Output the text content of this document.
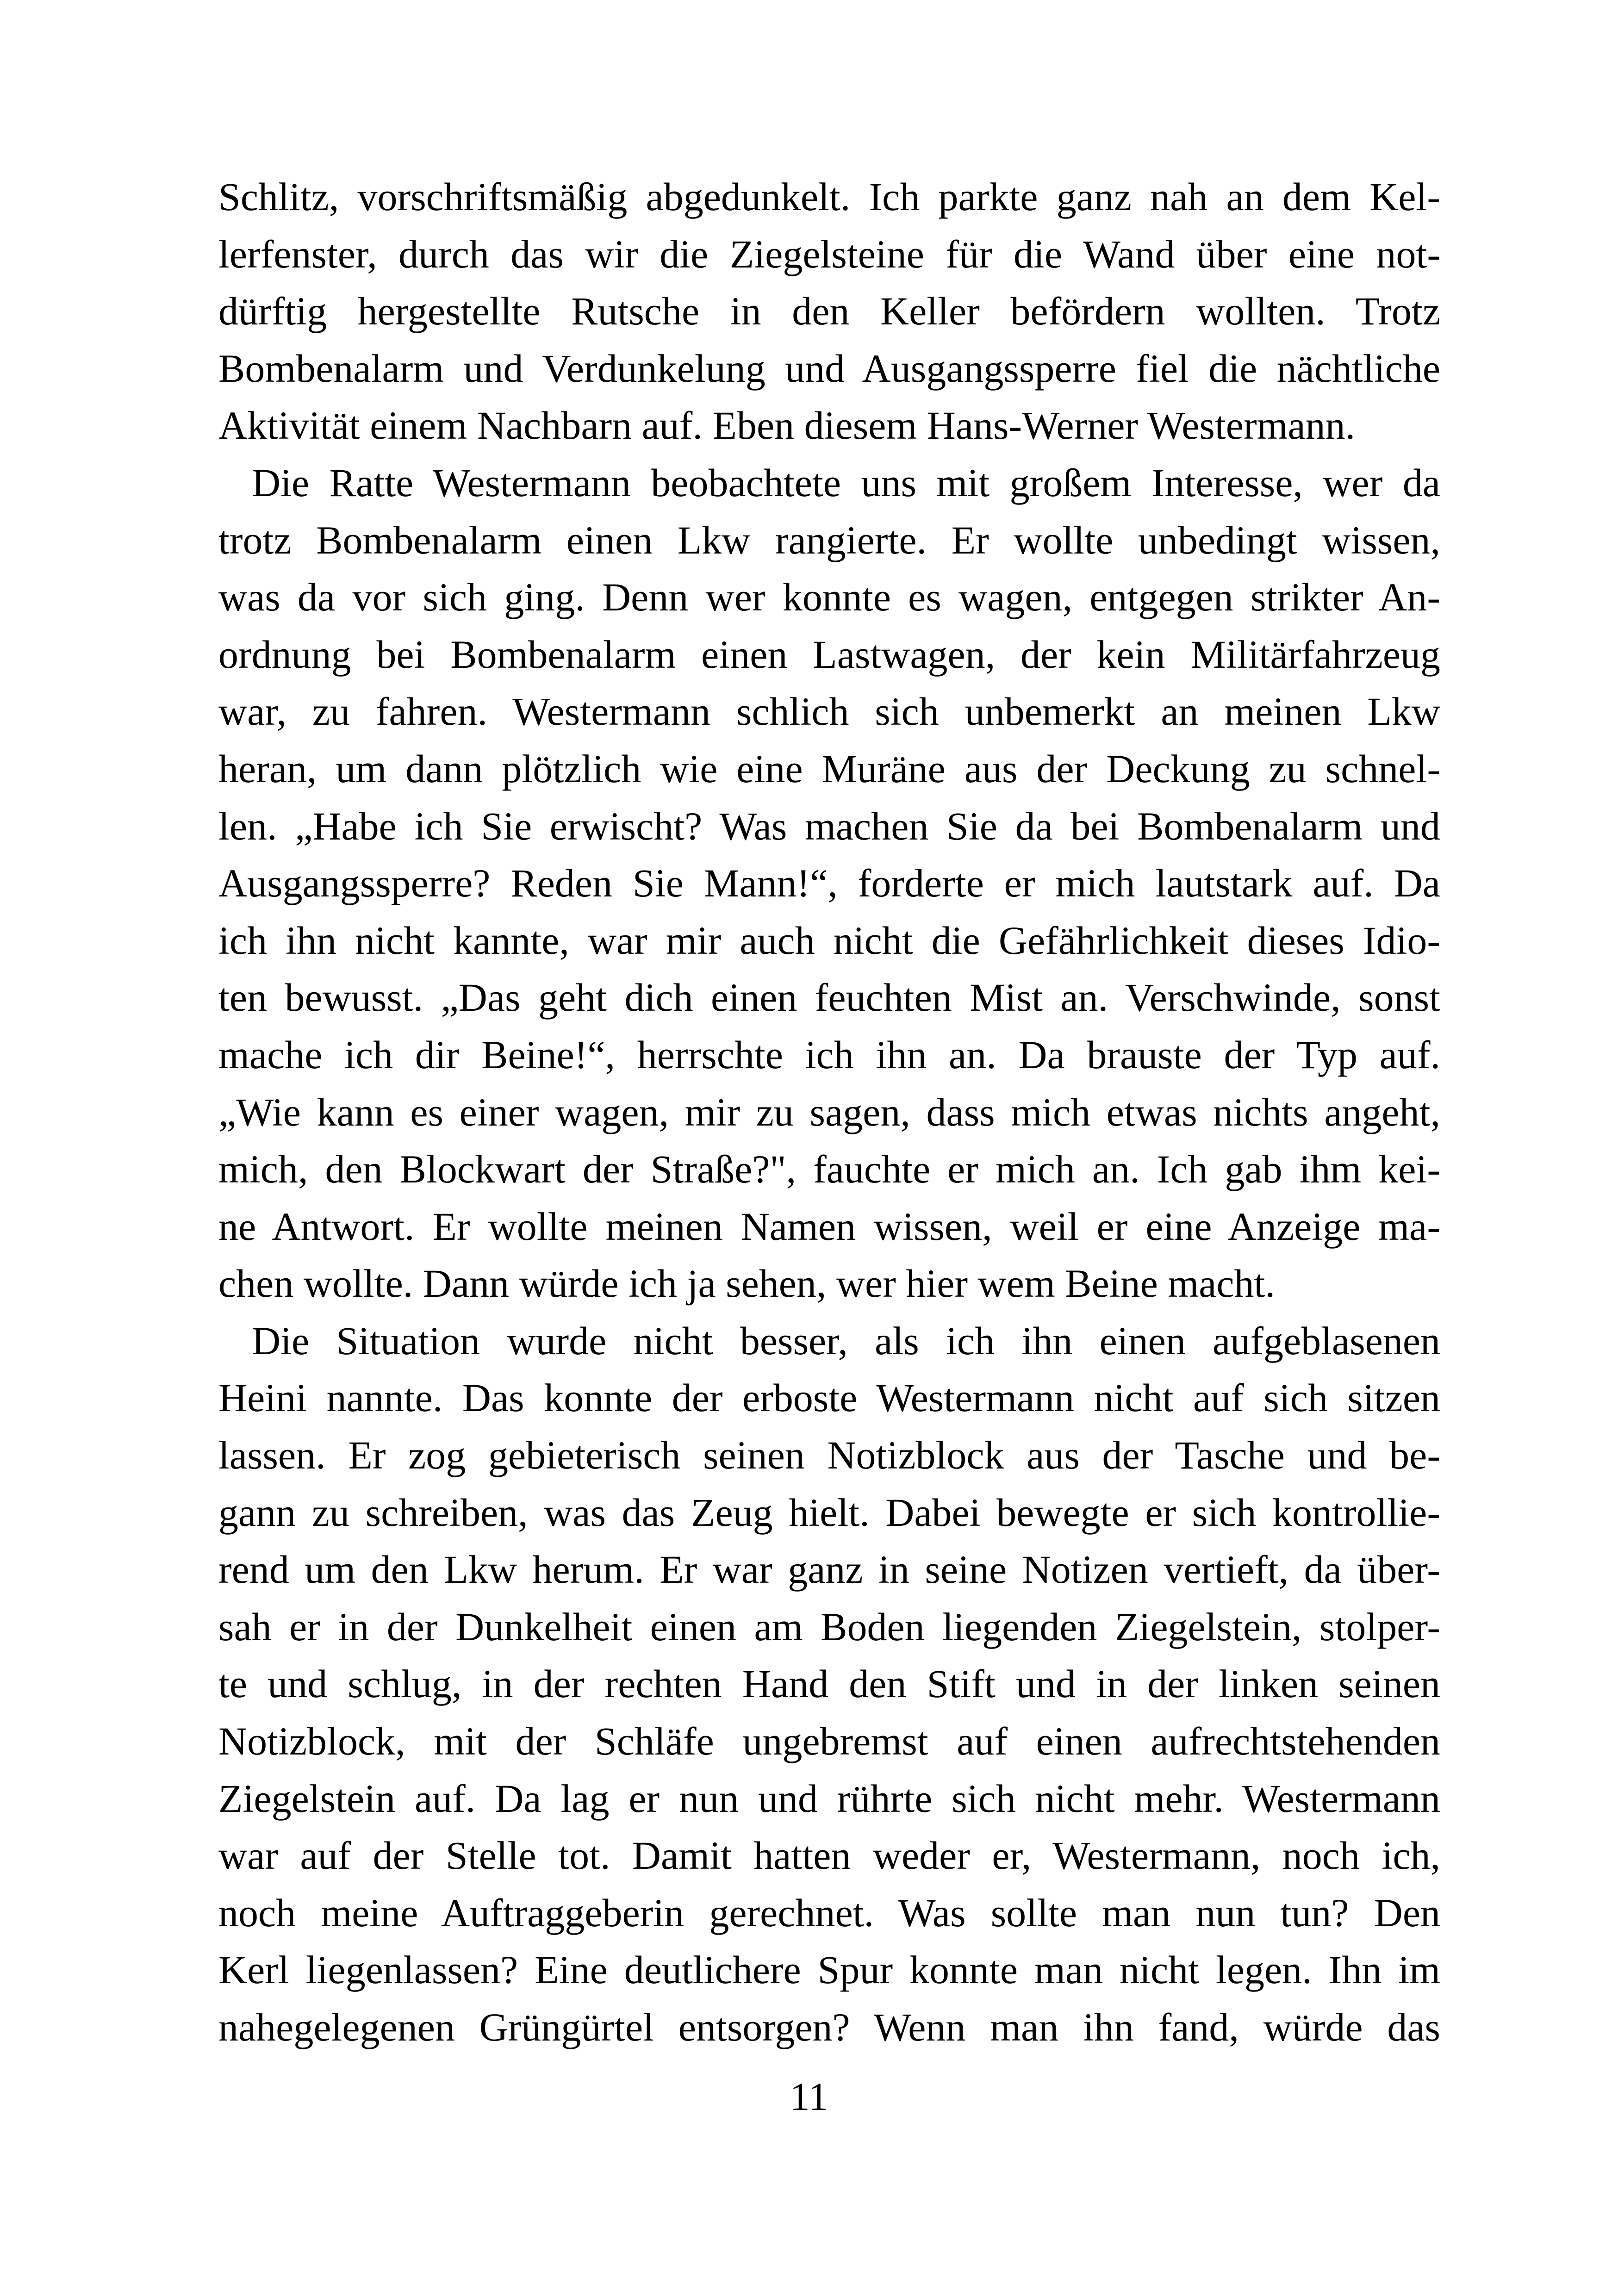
Schlitz, vorschriftsmäßig abgedunkelt. Ich parkte ganz nah an dem Kel-
lerfenster, durch das wir die Ziegelsteine für die Wand über eine not-
dürftig hergestellte Rutsche in den Keller befördern wollten. Trotz
Bombenalarm und Verdunkelung und Ausgangssperre fiel die nächtliche
Aktivität einem Nachbarn auf. Eben diesem Hans-Werner Westermann.
Die Ratte Westermann beobachtete uns mit großem Interesse, wer da
trotz Bombenalarm einen Lkw rangierte. Er wollte unbedingt wissen,
was da vor sich ging. Denn wer konnte es wagen, entgegen strikter An-
ordnung bei Bombenalarm einen Lastwagen, der kein Militärfahrzeug
war, zu fahren. Westermann schlich sich unbemerkt an meinen Lkw
heran, um dann plötzlich wie eine Muräne aus der Deckung zu schnel-
len. „Habe ich Sie erwischt? Was machen Sie da bei Bombenalarm und
Ausgangssperre? Reden Sie Mann!“, forderte er mich lautstark auf. Da
ich ihn nicht kannte, war mir auch nicht die Gefährlichkeit dieses Idio-
ten bewusst. „Das geht dich einen feuchten Mist an. Verschwinde, sonst
mache ich dir Beine!“, herrschte ich ihn an. Da brauste der Typ auf.
„Wie kann es einer wagen, mir zu sagen, dass mich etwas nichts angeht,
mich, den Blockwart der Straße?", fauchte er mich an. Ich gab ihm kei-
ne Antwort. Er wollte meinen Namen wissen, weil er eine Anzeige ma-
chen wollte. Dann würde ich ja sehen, wer hier wem Beine macht.
Die Situation wurde nicht besser, als ich ihn einen aufgeblasenen
Heini nannte. Das konnte der erboste Westermann nicht auf sich sitzen
lassen. Er zog gebieterisch seinen Notizblock aus der Tasche und be-
gann zu schreiben, was das Zeug hielt. Dabei bewegte er sich kontrollie-
rend um den Lkw herum. Er war ganz in seine Notizen vertieft, da über-
sah er in der Dunkelheit einen am Boden liegenden Ziegelstein, stolper-
te und schlug, in der rechten Hand den Stift und in der linken seinen
Notizblock, mit der Schläfe ungebremst auf einen aufrechtstehenden
Ziegelstein auf. Da lag er nun und rührte sich nicht mehr. Westermann
war auf der Stelle tot. Damit hatten weder er, Westermann, noch ich,
noch meine Auftraggeberin gerechnet. Was sollte man nun tun? Den
Kerl liegenlassen? Eine deutlichere Spur konnte man nicht legen. Ihn im
nahegelegenen Grüngürtel entsorgen? Wenn man ihn fand, würde das
11
